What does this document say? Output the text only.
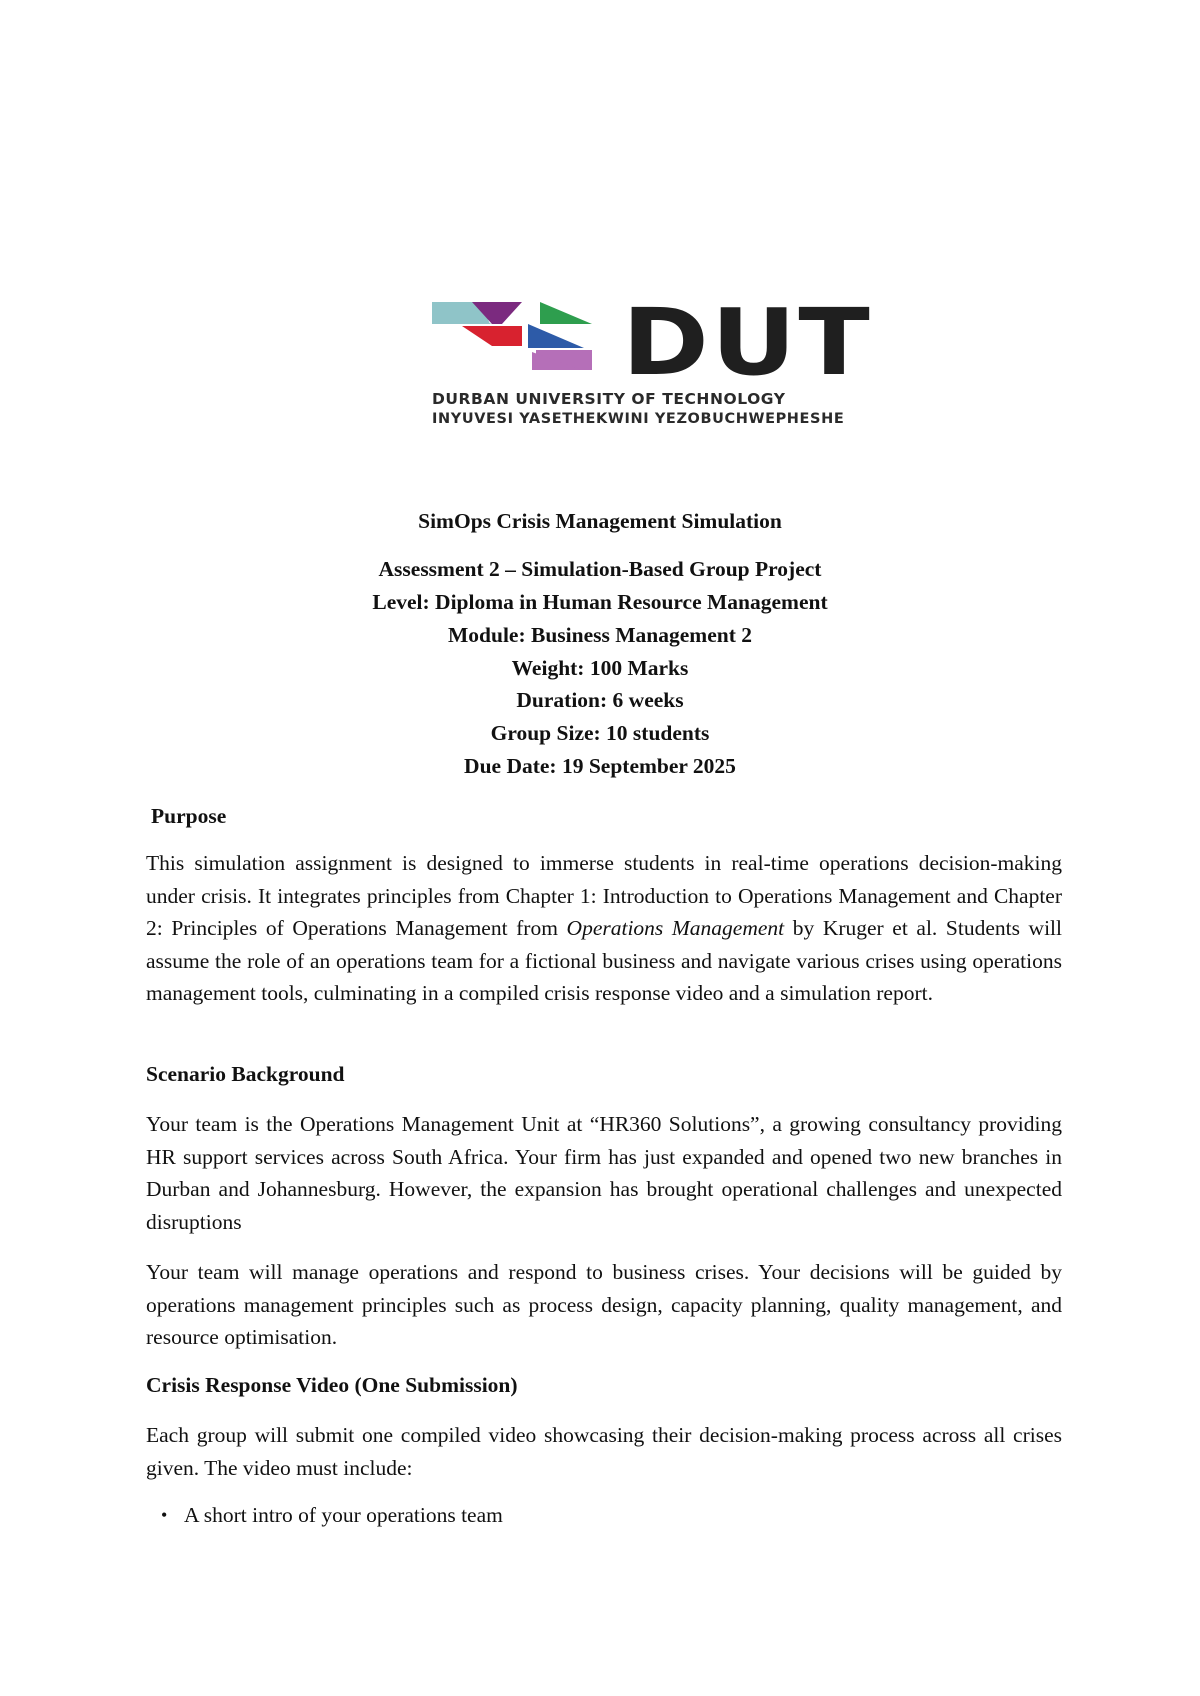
DUT
DURBAN UNIVERSITY OF TECHNOLOGY
INYUVESI YASETHEKWINI YEZOBUCHWEPHESHE
SimOps Crisis Management Simulation
Assessment 2 – Simulation-Based Group Project
Level: Diploma in Human Resource Management
Module: Business Management 2
Weight: 100 Marks
Duration: 6 weeks
Group Size: 10 students
Due Date: 19 September 2025
Purpose
This simulation assignment is designed to immerse students in real-time operations decision-making under crisis. It integrates principles from Chapter 1: Introduction to Operations Management and Chapter 2: Principles of Operations Management from Operations Management by Kruger et al. Students will assume the role of an operations team for a fictional business and navigate various crises using operations management tools, culminating in a compiled crisis response video and a simulation report.
Scenario Background
Your team is the Operations Management Unit at “HR360 Solutions”, a growing consultancy providing HR support services across South Africa. Your firm has just expanded and opened two new branches in Durban and Johannesburg. However, the expansion has brought operational challenges and unexpected disruptions
Your team will manage operations and respond to business crises. Your decisions will be guided by operations management principles such as process design, capacity planning, quality management, and resource optimisation.
Crisis Response Video (One Submission)
Each group will submit one compiled video showcasing their decision-making process across all crises given. The video must include:
• A short intro of your operations team
